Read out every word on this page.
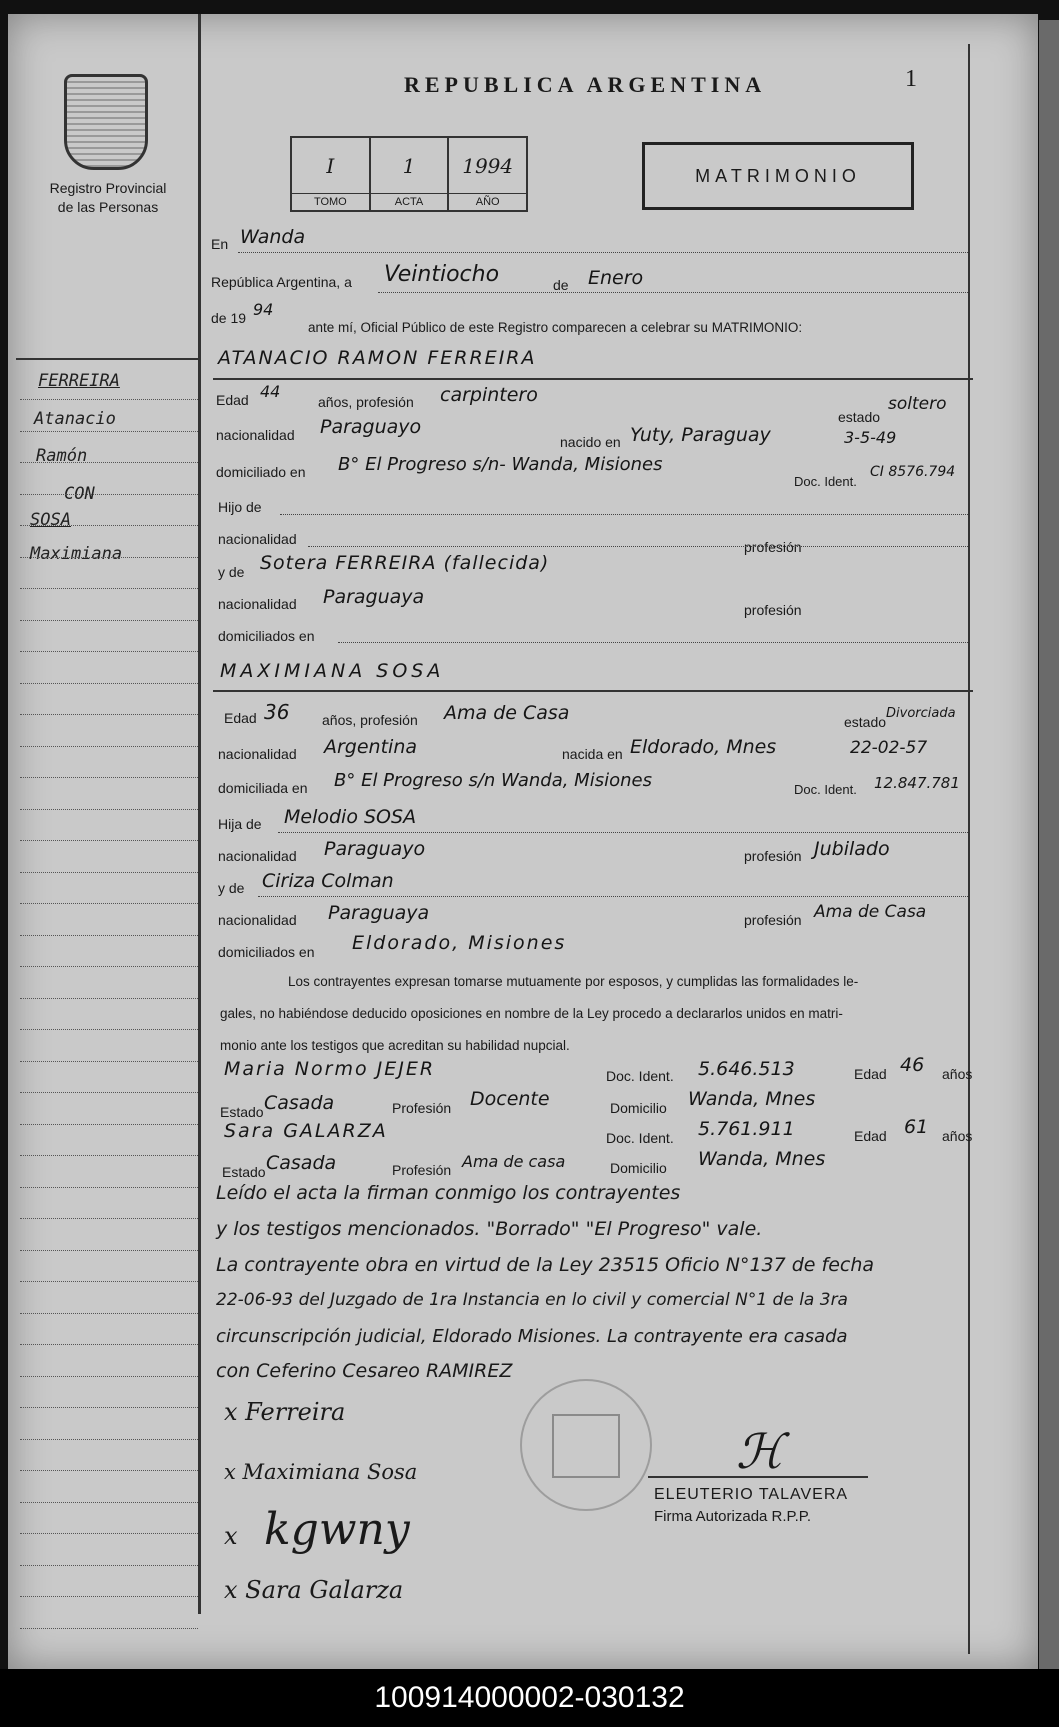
Registro Provincial
de las Personas
FERREIRA
Atanacio
Ramón
CON
SOSA
Maximiana
REPUBLICA ARGENTINA	1
I
TOMO
1
ACTA
1994
AÑO
MATRIMONIO
En Wanda
República Argentina, a Veintiocho	de Enero
de 19 94
ante mí, Oficial Público de este Registro comparecen a celebrar su MATRIMONIO:
ATANACIO RAMON FERREIRA
Edad 44
años, profesión carpintero
estado
soltero
nacionalidad Paraguayo
nacido en Yuty, Paraguay	3-5-49
domiciliado en B° El Progreso s/n- Wanda, Misiones
Doc. Ident.
CI 8576.794
Hijo de
nacionalidad	profesión
y de Sotera FERREIRA (fallecida)
nacionalidad Paraguaya
profesión
domiciliados en
MAXIMIANA SOSA
Edad 36 años, profesión Ama de Casa	estado
Divorciada
nacionalidad Argentina	nacida en Eldorado, Mnes	22-02-57
domiciliada en B° El Progreso s/n Wanda, Misiones	Doc. Ident. 12.847.781
Hija de Melodio SOSA
nacionalidad Paraguayo	profesión Jubilado
y de Ciriza Colman
nacionalidad Paraguaya	profesión Ama de Casa
domiciliados en Eldorado, Misiones
Los contrayentes expresan tomarse mutuamente por esposos, y cumplidas las formalidades le-
gales, no habiéndose deducido oposiciones en nombre de la Ley procedo a declararlos unidos en matri-
monio ante los testigos que acreditan su habilidad nupcial.
Maria Normo JEJER	Doc. Ident. 5.646.513	Edad 46 años
Estado Casada	Profesión Docente	Domicilio Wanda, Mnes
Sara GALARZA	Doc. Ident. 5.761.911	Edad 61 años
Estado Casada	Profesión Ama de casa	Domicilio Wanda, Mnes
Leído el acta la firman conmigo los contrayentes
y los testigos mencionados. "Borrado" "El Progreso" vale.
La contrayente obra en virtud de la Ley 23515 Oficio N°137 de fecha
22-06-93 del Juzgado de 1ra Instancia en lo civil y comercial N°1 de la 3ra
circunscripción judicial, Eldorado Misiones. La contrayente era casada
con Ceferino Cesareo RAMIREZ
x Ferreira
x Maximiana Sosa
x kgwny
x Sara Galarza
ℋ
ELEUTERIO TALAVERA
Firma Autorizada R.P.P.
100914000002-030132
